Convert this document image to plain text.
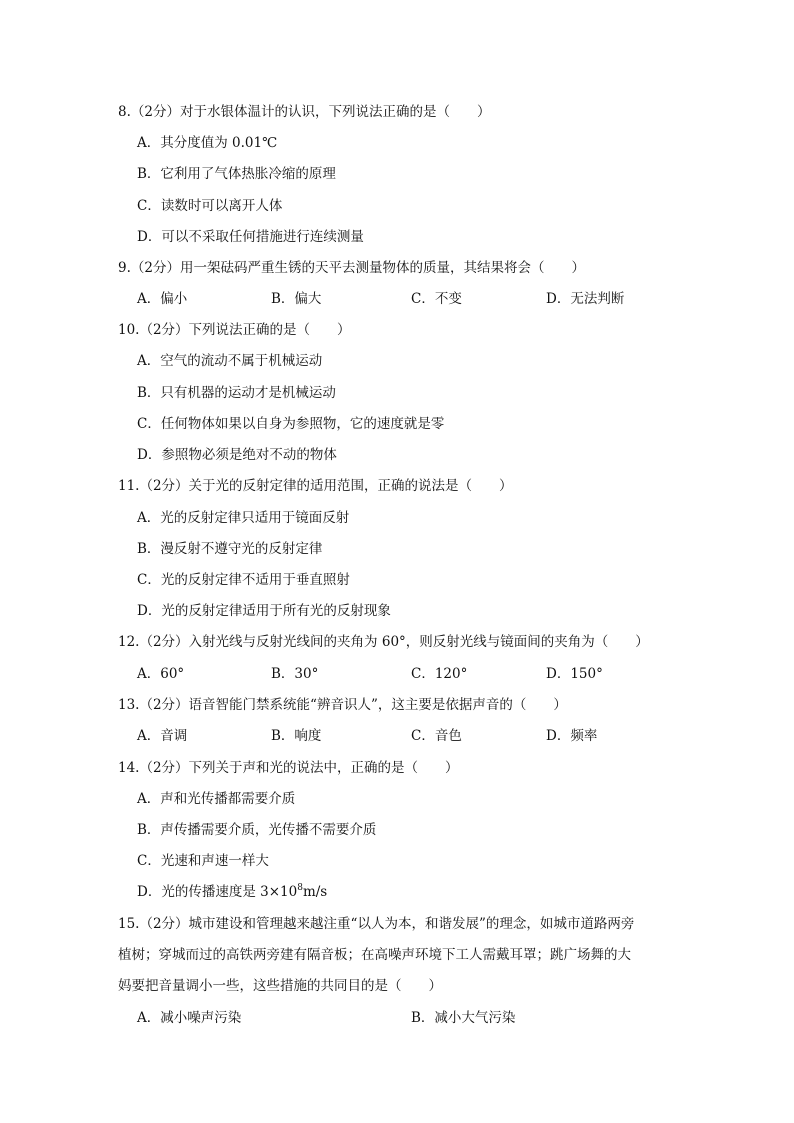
8.（2分）对于水银体温计的认识，下列说法正确的是（　　）
A．其分度值为 0.01℃
B．它利用了气体热胀冷缩的原理
C．读数时可以离开人体
D．可以不采取任何措施进行连续测量
9.（2分）用一架砝码严重生锈的天平去测量物体的质量，其结果将会（　　）
A．偏小	B．偏大	C．不变	D．无法判断
10.（2分）下列说法正确的是（　　）
A．空气的流动不属于机械运动
B．只有机器的运动才是机械运动
C．任何物体如果以自身为参照物，它的速度就是零
D．参照物必须是绝对不动的物体
11.（2分）关于光的反射定律的适用范围，正确的说法是（　　）
A．光的反射定律只适用于镜面反射
B．漫反射不遵守光的反射定律
C．光的反射定律不适用于垂直照射
D．光的反射定律适用于所有光的反射现象
12.（2分）入射光线与反射光线间的夹角为 60°，则反射光线与镜面间的夹角为（　　）
A．60°	B．30°	C．120°	D．150°
13.（2分）语音智能门禁系统能“辨音识人”，这主要是依据声音的（　　）
A．音调	B．响度	C．音色	D．频率
14.（2分）下列关于声和光的说法中，正确的是（　　）
A．声和光传播都需要介质
B．声传播需要介质，光传播不需要介质
C．光速和声速一样大
D．光的传播速度是 $3\times 10^8m/s$
15.（2分）城市建设和管理越来越注重“以人为本，和谐发展”的理念，如城市道路两旁
植树；穿城而过的高铁两旁建有隔音板；在高噪声环境下工人需戴耳罩；跳广场舞的大
妈要把音量调小一些，这些措施的共同目的是（　　）
A．减小噪声污染	B．减小大气污染
